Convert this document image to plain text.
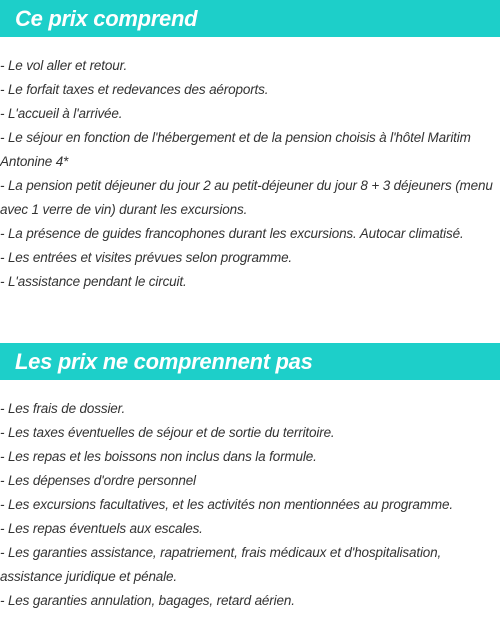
Ce prix comprend
- Le vol aller et retour.
- Le forfait taxes et redevances des aéroports.
- L'accueil à l'arrivée.
- Le séjour en fonction de l'hébergement et de la pension choisis à l'hôtel Maritim Antonine 4*
- La pension petit déjeuner du jour 2 au petit-déjeuner du jour 8 + 3 déjeuners (menu avec 1 verre de vin) durant les excursions.
- La présence de guides francophones durant les excursions. Autocar climatisé.
- Les entrées et visites prévues selon programme.
- L'assistance pendant le circuit.
Les prix ne comprennent pas
- Les frais de dossier.
- Les taxes éventuelles de séjour et de sortie du territoire.
- Les repas et les boissons non inclus dans la formule.
- Les dépenses d'ordre personnel
- Les excursions facultatives, et les activités non mentionnées au programme.
- Les repas éventuels aux escales.
- Les garanties assistance, rapatriement, frais médicaux et d'hospitalisation, assistance juridique et pénale.
- Les garanties annulation, bagages, retard aérien.
